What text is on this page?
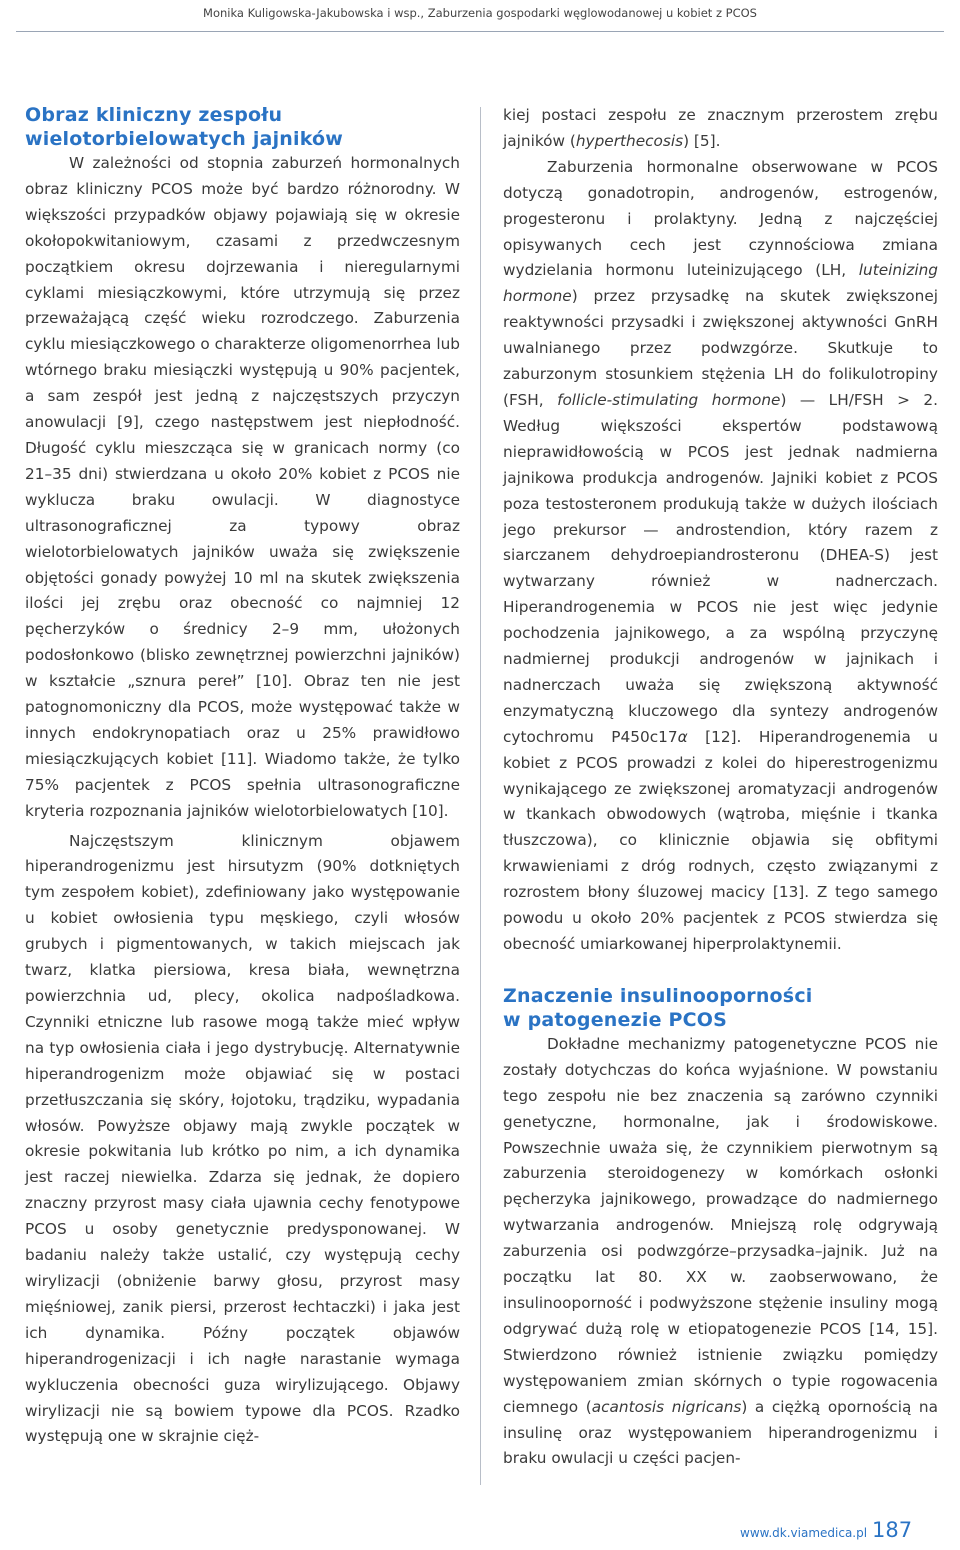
Monika Kuligowska-Jakubowska i wsp., Zaburzenia gospodarki węglowodanowej u kobiet z PCOS
Obraz kliniczny zespołu
wielotorbielowatych jajników

W zależności od stopnia zaburzeń hormonalnych obraz kliniczny PCOS może być bardzo różnorodny. W większości przypadków objawy pojawiają się w okresie okołopokwitaniowym, czasami z przedwczesnym początkiem okresu dojrzewania i nieregularnymi cyklami miesiączkowymi, które utrzymują się przez przeważającą część wieku rozrodczego. Zaburzenia cyklu miesiączkowego o charakterze oligomenorrhea lub wtórnego braku miesiączki występują u 90% pacjentek, a sam zespół jest jedną z najczęstszych przyczyn anowulacji [9], czego następstwem jest niepłodność. Długość cyklu mieszcząca się w granicach normy (co 21–35 dni) stwierdzana u około 20% kobiet z PCOS nie wyklucza braku owulacji. W diagnostyce ultrasonograficznej za typowy obraz wielotorbielowatych jajników uważa się zwiększenie objętości gonady powyżej 10 ml na skutek zwiększenia ilości jej zrębu oraz obecność co najmniej 12 pęcherzyków o średnicy 2–9 mm, ułożonych podosłonkowo (blisko zewnętrznej powierzchni jajników) w kształcie „sznura pereł” [10]. Obraz ten nie jest patognomoniczny dla PCOS, może występować także w innych endokrynopatiach oraz u 25% prawidłowo miesiączkujących kobiet [11]. Wiadomo także, że tylko 75% pacjentek z PCOS spełnia ultrasonograficzne kryteria rozpoznania jajników wielotorbielowatych [10].

Najczęstszym klinicznym objawem hiperandrogenizmu jest hirsutyzm (90% dotkniętych tym zespołem kobiet), zdefiniowany jako występowanie u kobiet owłosienia typu męskiego, czyli włosów grubych i pigmentowanych, w takich miejscach jak twarz, klatka piersiowa, kresa biała, wewnętrzna powierzchnia ud, plecy, okolica nadpośladkowa. Czynniki etniczne lub rasowe mogą także mieć wpływ na typ owłosienia ciała i jego dystrybucję. Alternatywnie hiperandrogenizm może objawiać się w postaci przetłuszczania się skóry, łojotoku, trądziku, wypadania włosów. Powyższe objawy mają zwykle początek w okresie pokwitania lub krótko po nim, a ich dynamika jest raczej niewielka. Zdarza się jednak, że dopiero znaczny przyrost masy ciała ujawnia cechy fenotypowe PCOS u osoby genetycznie predysponowanej. W badaniu należy także ustalić, czy występują cechy wirylizacji (obniżenie barwy głosu, przyrost masy mięśniowej, zanik piersi, przerost łechtaczki) i jaka jest ich dynamika. Późny początek objawów hiperandrogenizacji i ich nagłe narastanie wymaga wykluczenia obecności guza wirylizującego. Objawy wirylizacji nie są bowiem typowe dla PCOS. Rzadko występują one w skrajnie cięż-

kiej postaci zespołu ze znacznym przerostem zrębu jajników (hyperthecosis) [5].

Zaburzenia hormonalne obserwowane w PCOS dotyczą gonadotropin, androgenów, estrogenów, progesteronu i prolaktyny. Jedną z najczęściej opisywanych cech jest czynnościowa zmiana wydzielania hormonu luteinizującego (LH, luteinizing hormone) przez przysadkę na skutek zwiększonej reaktywności przysadki i zwiększonej aktywności GnRH uwalnianego przez podwzgórze. Skutkuje to zaburzonym stosunkiem stężenia LH do folikulotropiny (FSH, follicle-stimulating hormone) — LH/FSH > 2. Według większości ekspertów podstawową nieprawidłowością w PCOS jest jednak nadmierna jajnikowa produkcja androgenów. Jajniki kobiet z PCOS poza testosteronem produkują także w dużych ilościach jego prekursor — androstendion, który razem z siarczanem dehydroepiandrosteronu (DHEA-S) jest wytwarzany również w nadnerczach. Hiperandrogenemia w PCOS nie jest więc jedynie pochodzenia jajnikowego, a za wspólną przyczynę nadmiernej produkcji androgenów w jajnikach i nadnerczach uważa się zwiększoną aktywność enzymatyczną kluczowego dla syntezy androgenów cytochromu P450c17α [12]. Hiperandrogenemia u kobiet z PCOS prowadzi z kolei do hiperestrogenizmu wynikającego ze zwiększonej aromatyzacji androgenów w tkankach obwodowych (wątroba, mięśnie i tkanka tłuszczowa), co klinicznie objawia się obfitymi krwawieniami z dróg rodnych, często związanymi z rozrostem błony śluzowej macicy [13]. Z tego samego powodu u około 20% pacjentek z PCOS stwierdza się obecność umiarkowanej hiperprolaktynemii.

Znaczenie insulinooporności
w patogenezie PCOS

Dokładne mechanizmy patogenetyczne PCOS nie zostały dotychczas do końca wyjaśnione. W powstaniu tego zespołu nie bez znaczenia są zarówno czynniki genetyczne, hormonalne, jak i środowiskowe. Powszechnie uważa się, że czynnikiem pierwotnym są zaburzenia steroidogenezy w komórkach osłonki pęcherzyka jajnikowego, prowadzące do nadmiernego wytwarzania androgenów. Mniejszą rolę odgrywają zaburzenia osi podwzgórze–przysadka–jajnik. Już na początku lat 80. XX w. zaobserwowano, że insulinooporność i podwyższone stężenie insuliny mogą odgrywać dużą rolę w etiopatogenezie PCOS [14, 15]. Stwierdzono również istnienie związku pomiędzy występowaniem zmian skórnych o typie rogowacenia ciemnego (acantosis nigricans) a ciężką opornością na insulinę oraz występowaniem hiperandrogenizmu i braku owulacji u części pacjen-

www.dk.viamedica.pl 187
